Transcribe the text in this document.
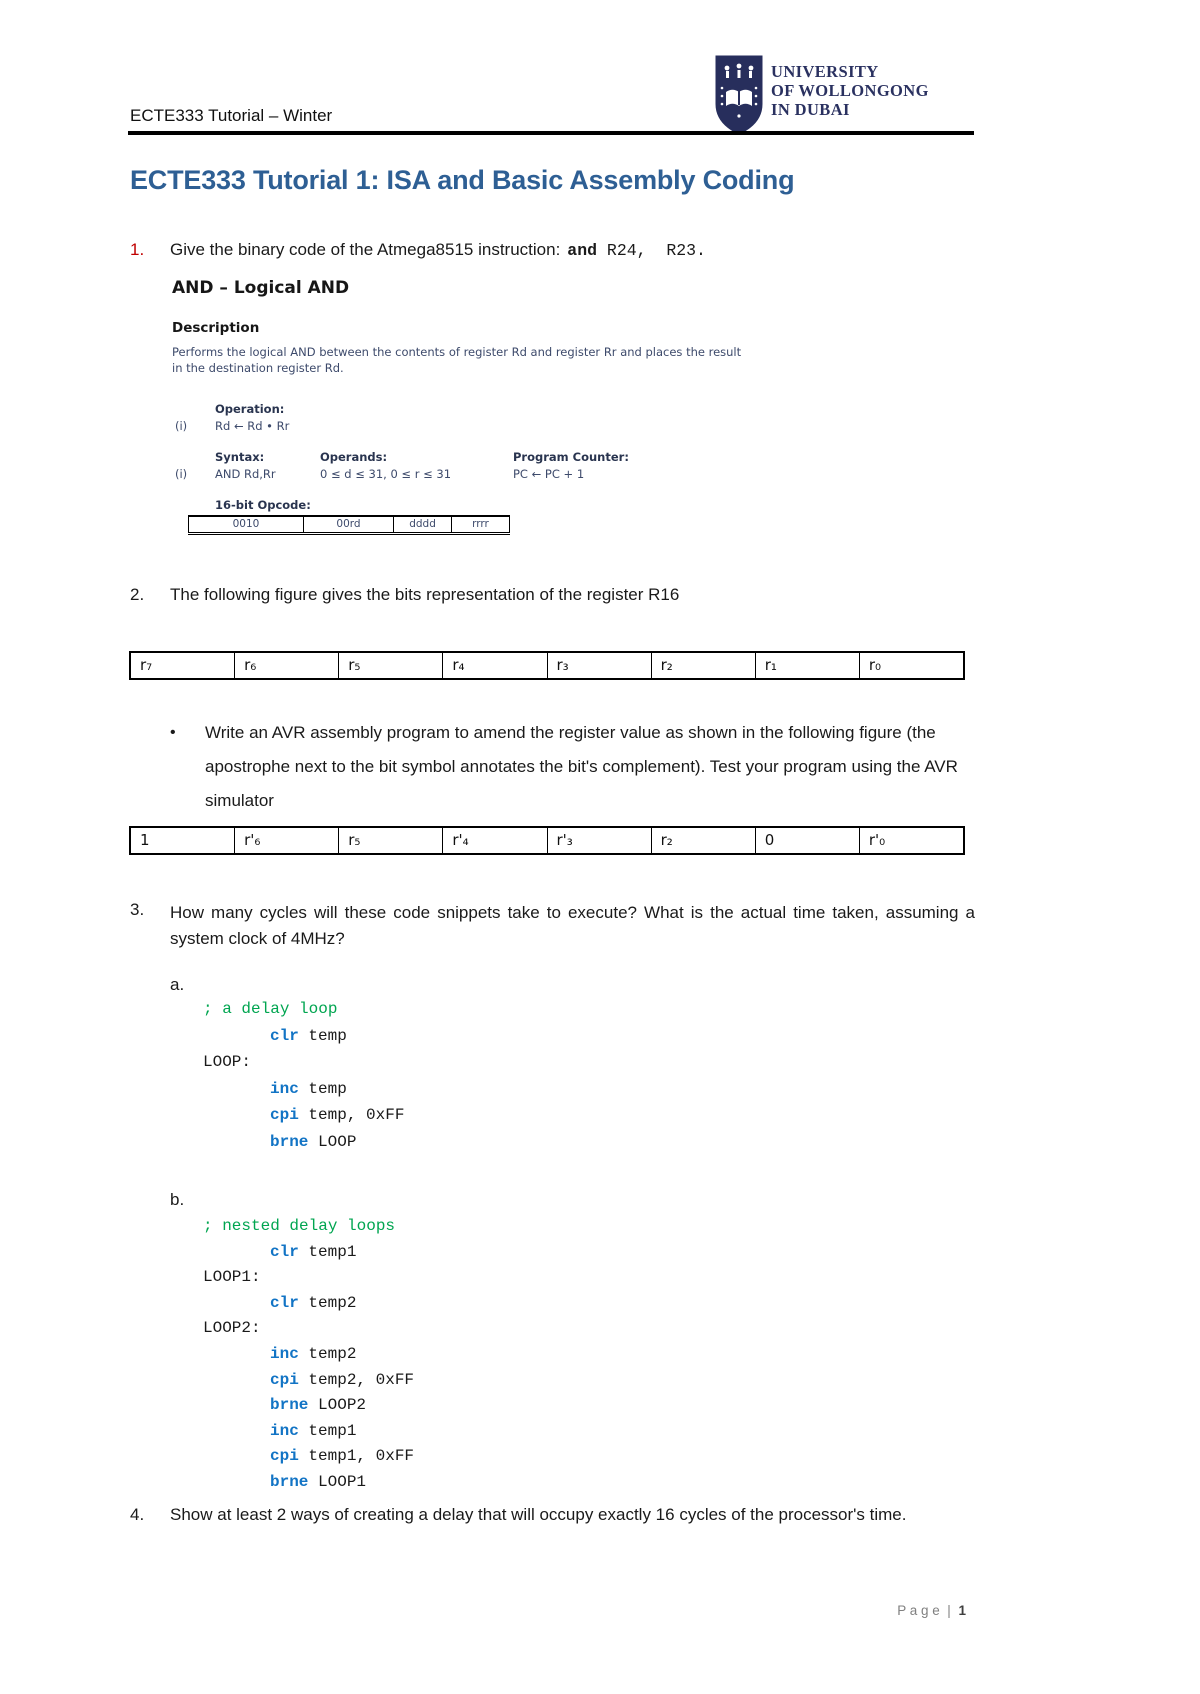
ECTE333 Tutorial – Winter
UNIVERSITY
OF WOLLONGONG
IN DUBAI
ECTE333 Tutorial 1: ISA and Basic Assembly Coding
1.	Give the binary code of the Atmega8515 instruction: and R24,  R23.
AND – Logical AND
Description
Performs the logical AND between the contents of register Rd and register Rr and places the result in the destination register Rd.
Operation:
(i) Rd ← Rd • Rr
Syntax:	Operands:	Program Counter:
(i) AND Rd,Rr	0 ≤ d ≤ 31, 0 ≤ r ≤ 31	PC ← PC + 1
16-bit Opcode:
0010	00rd	dddd	rrrr
2.	The following figure gives the bits representation of the register R16
r₇	r₆	r₅	r₄	r₃	r₂	r₁	r₀
•	Write an AVR assembly program to amend the register value as shown in the following figure (the apostrophe next to the bit symbol annotates the bit's complement). Test your program using the AVR simulator
1	r'₆	r₅	r'₄	r'₃	r₂	0	r'₀
3.	How many cycles will these code snippets take to execute? What is the actual time taken, assuming a system clock of 4MHz?
a.
; a delay loop
clr temp
LOOP:
inc temp
cpi temp, 0xFF
brne LOOP
b.
; nested delay loops
clr temp1
LOOP1:
clr temp2
LOOP2:
inc temp2
cpi temp2, 0xFF
brne LOOP2
inc temp1
cpi temp1, 0xFF
brne LOOP1
4.	Show at least 2 ways of creating a delay that will occupy exactly 16 cycles of the processor's time.

P a g e  | 1
